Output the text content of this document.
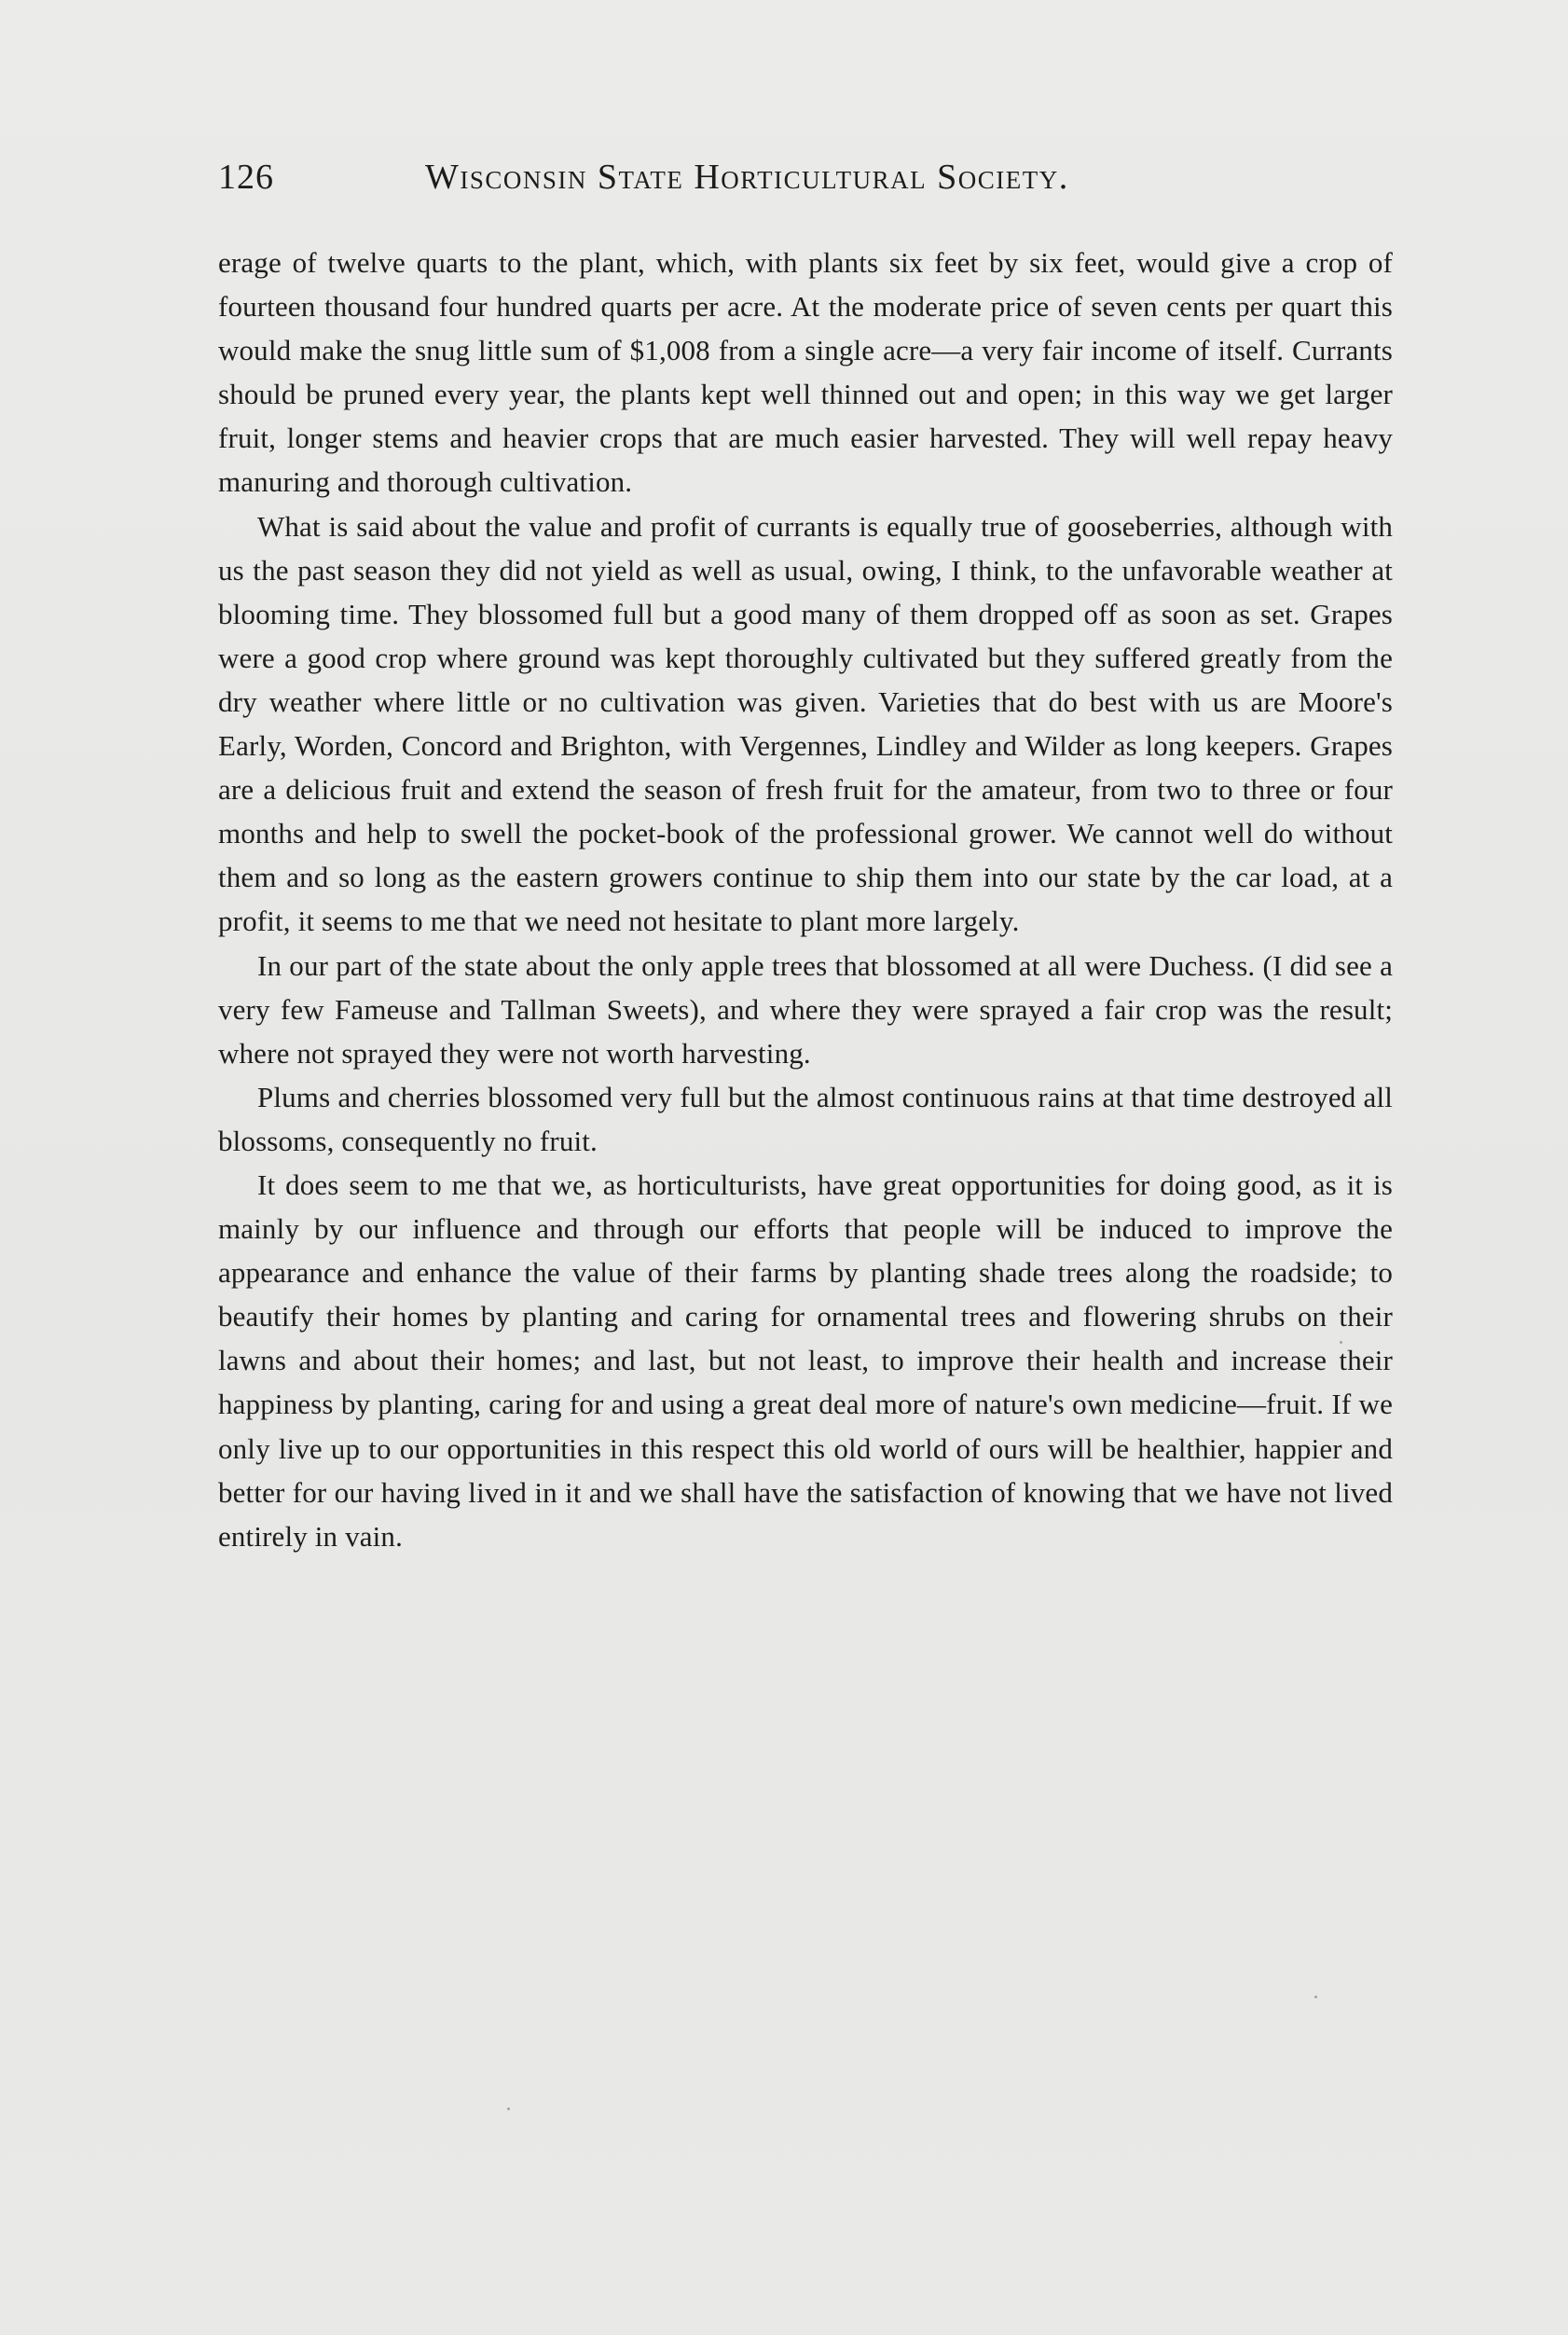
126	Wisconsin State Horticultural Society.

erage of twelve quarts to the plant, which, with plants six feet by six feet, would give a crop of fourteen thousand four hundred quarts per acre. At the moderate price of seven cents per quart this would make the snug little sum of $1,008 from a single acre—a very fair income of itself. Currants should be pruned every year, the plants kept well thinned out and open; in this way we get larger fruit, longer stems and heavier crops that are much easier harvested. They will well repay heavy manuring and thorough cultivation.

What is said about the value and profit of currants is equally true of gooseberries, although with us the past season they did not yield as well as usual, owing, I think, to the unfavorable weather at blooming time. They blossomed full but a good many of them dropped off as soon as set. Grapes were a good crop where ground was kept thoroughly cultivated but they suffered greatly from the dry weather where little or no cultivation was given. Varieties that do best with us are Moore's Early, Worden, Concord and Brighton, with Vergennes, Lindley and Wilder as long keepers. Grapes are a delicious fruit and extend the season of fresh fruit for the amateur, from two to three or four months and help to swell the pocket-book of the professional grower. We cannot well do without them and so long as the eastern growers continue to ship them into our state by the car load, at a profit, it seems to me that we need not hesitate to plant more largely.

In our part of the state about the only apple trees that blossomed at all were Duchess. (I did see a very few Fameuse and Tallman Sweets), and where they were sprayed a fair crop was the result; where not sprayed they were not worth harvesting.

Plums and cherries blossomed very full but the almost continuous rains at that time destroyed all blossoms, consequently no fruit.

It does seem to me that we, as horticulturists, have great opportunities for doing good, as it is mainly by our influence and through our efforts that people will be induced to improve the appearance and enhance the value of their farms by planting shade trees along the roadside; to beautify their homes by planting and caring for ornamental trees and flowering shrubs on their lawns and about their homes; and last, but not least, to improve their health and increase their happiness by planting, caring for and using a great deal more of nature's own medicine—fruit. If we only live up to our opportunities in this respect this old world of ours will be healthier, happier and better for our having lived in it and we shall have the satisfaction of knowing that we have not lived entirely in vain.
